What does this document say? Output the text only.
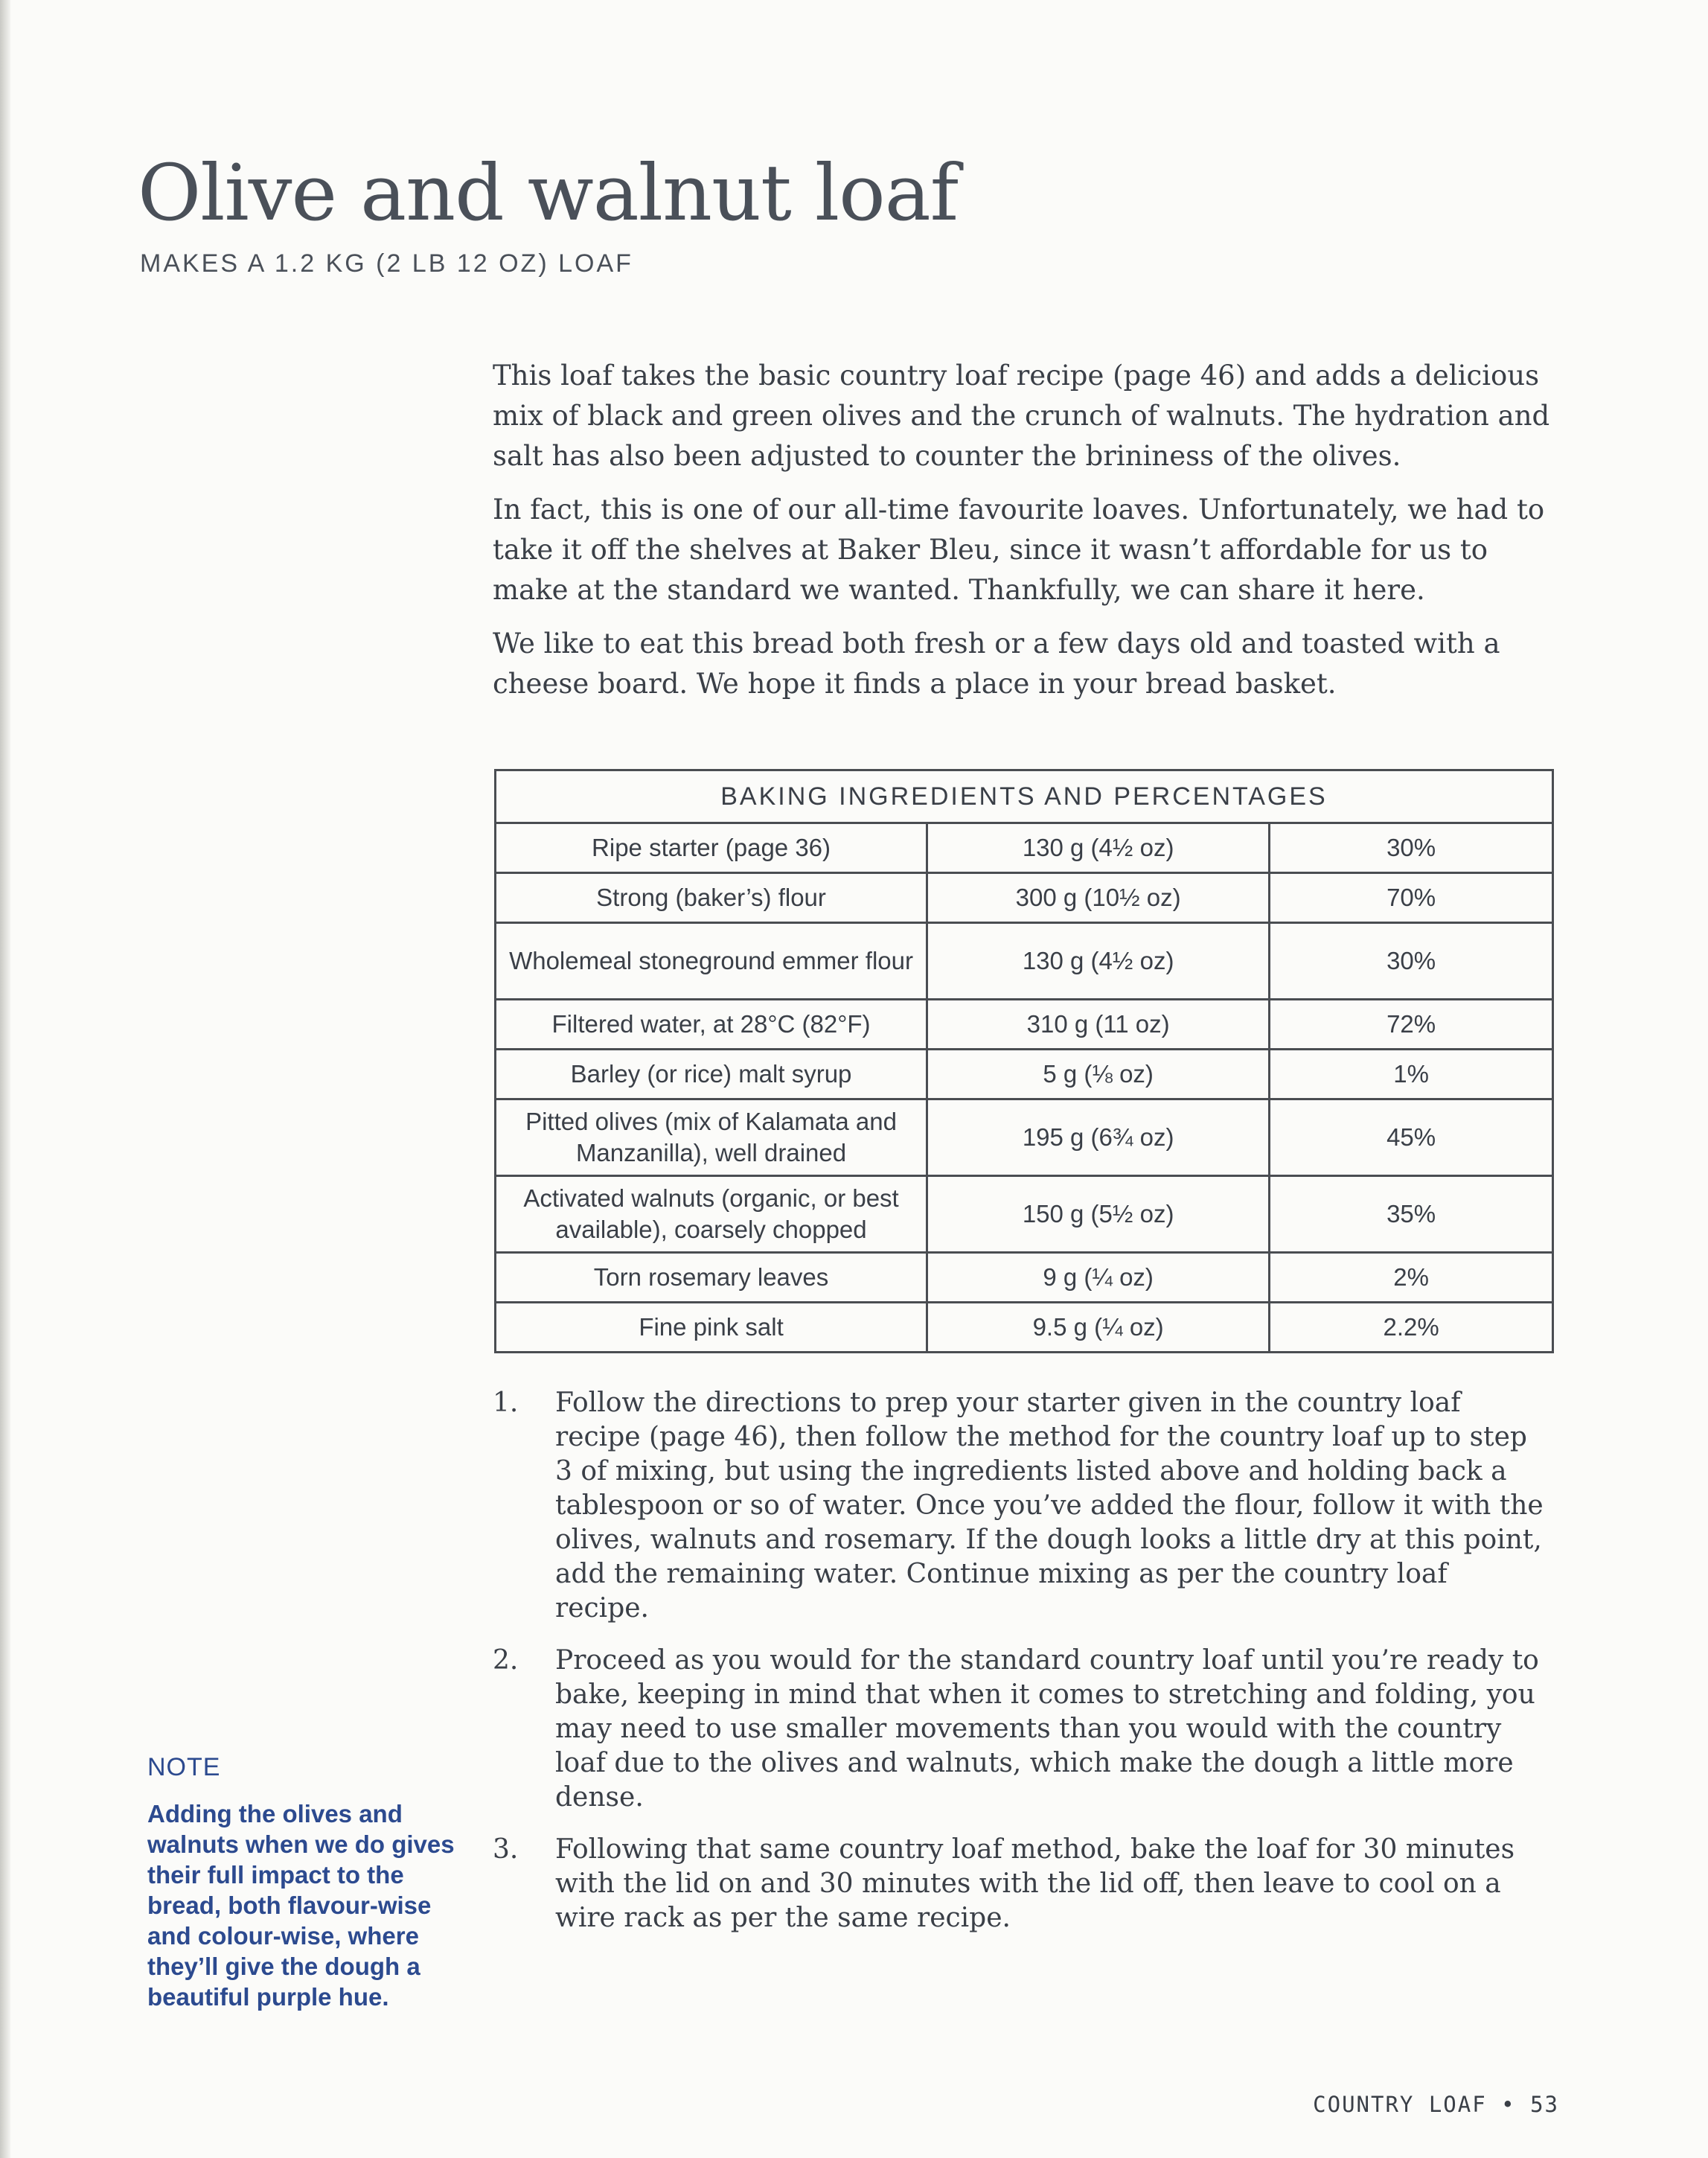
Olive and walnut loaf
MAKES A 1.2 KG (2 LB 12 OZ) LOAF

This loaf takes the basic country loaf recipe (page 46) and adds a delicious mix of black and green olives and the crunch of walnuts. The hydration and salt has also been adjusted to counter the brininess of the olives.

In fact, this is one of our all-time favourite loaves. Unfortunately, we had to take it off the shelves at Baker Bleu, since it wasn’t affordable for us to make at the standard we wanted. Thankfully, we can share it here.

We like to eat this bread both fresh or a few days old and toasted with a cheese board. We hope it finds a place in your bread basket.

BAKING INGREDIENTS AND PERCENTAGES		
Ripe starter (page 36)	130 g (4½ oz)	30%
Strong (baker’s) flour	300 g (10½ oz)	70%
Wholemeal stoneground emmer flour	130 g (4½ oz)	30%
Filtered water, at 28°C (82°F)	310 g (11 oz)	72%
Barley (or rice) malt syrup	5 g (⅛ oz)	1%
Pitted olives (mix of Kalamata and Manzanilla), well drained	195 g (6¾ oz)	45%
Activated walnuts (organic, or best available), coarsely chopped	150 g (5½ oz)	35%
Torn rosemary leaves	9 g (¼ oz)	2%
Fine pink salt	9.5 g (¼ oz)	2.2%
1. Follow the directions to prep your starter given in the country loaf recipe (page 46), then follow the method for the country loaf up to step 3 of mixing, but using the ingredients listed above and holding back a tablespoon or so of water. Once you’ve added the flour, follow it with the olives, walnuts and rosemary. If the dough looks a little dry at this point, add the remaining water. Continue mixing as per the country loaf recipe.
2. Proceed as you would for the standard country loaf until you’re ready to bake, keeping in mind that when it comes to stretching and folding, you may need to use smaller movements than you would with the country loaf due to the olives and walnuts, which make the dough a little more dense.
3. Following that same country loaf method, bake the loaf for 30 minutes with the lid on and 30 minutes with the lid off, then leave to cool on a wire rack as per the same recipe.
NOTE
Adding the olives and walnuts when we do gives their full impact to the bread, both flavour-wise and colour-wise, where they’ll give the dough a beautiful purple hue.
COUNTRY LOAF • 53
